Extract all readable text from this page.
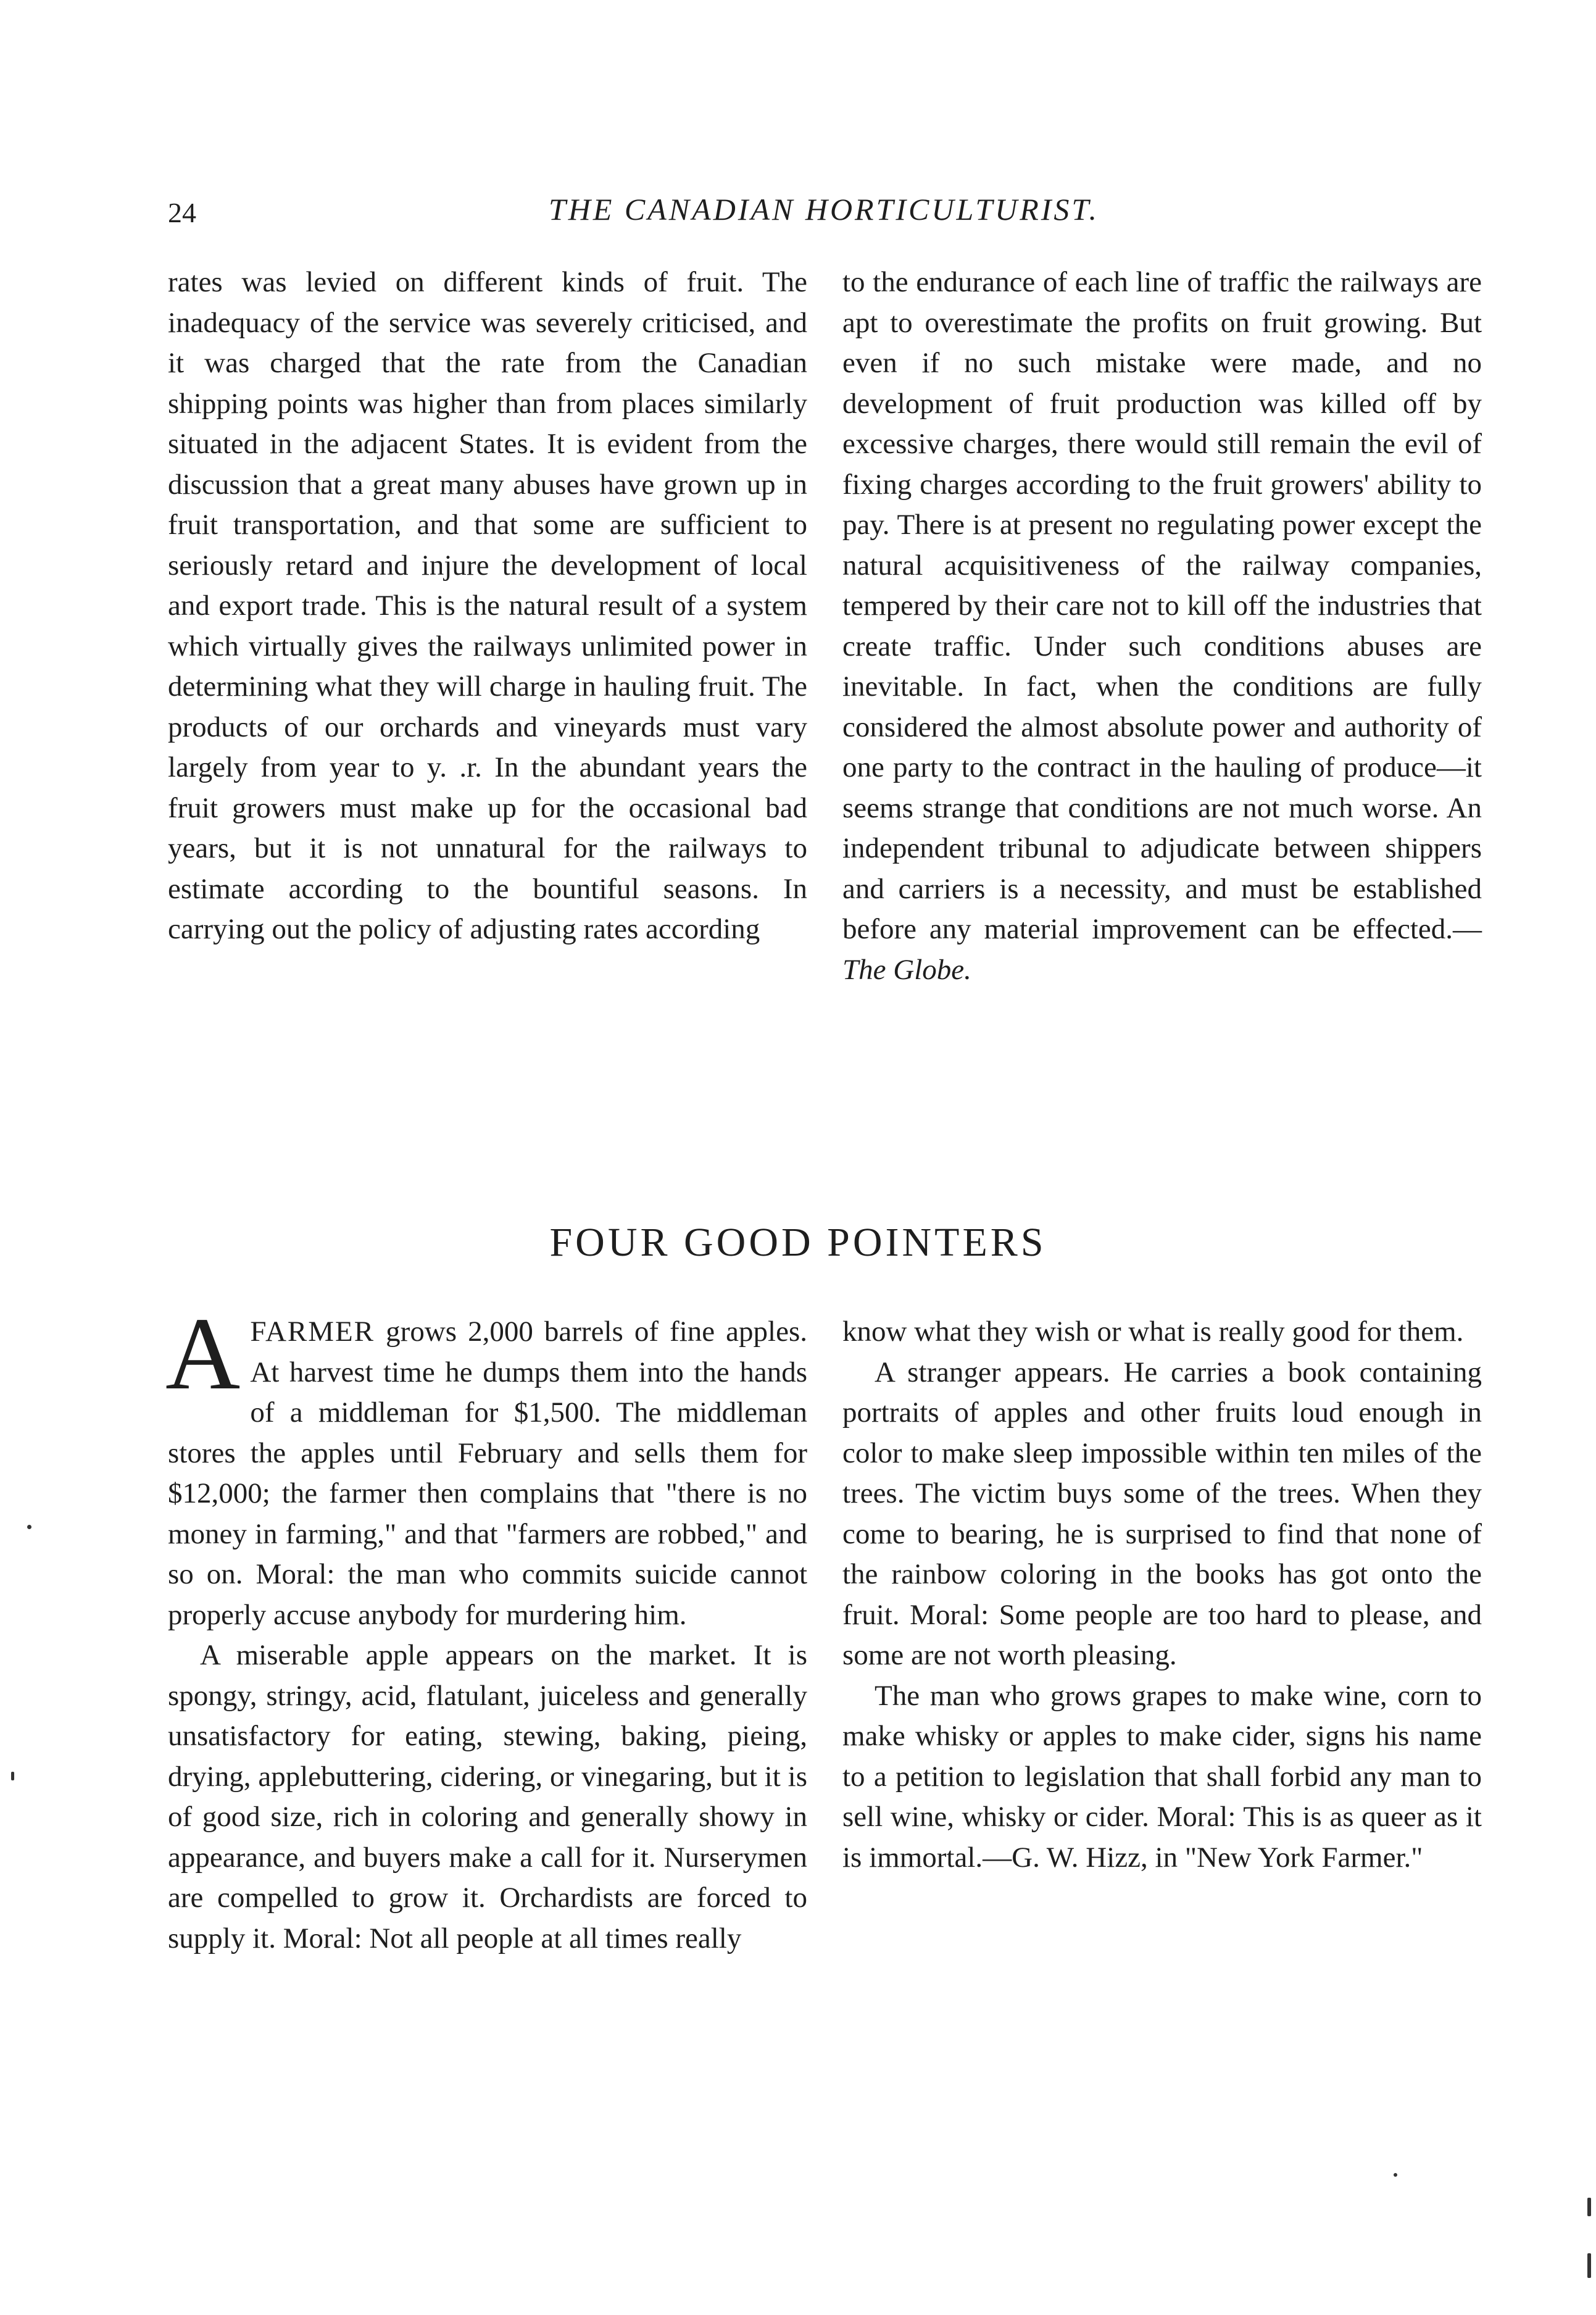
24	THE CANADIAN HORTICULTURIST.

rates was levied on different kinds of fruit. The inadequacy of the service was severely criticised, and it was charged that the rate from the Canadian shipping points was higher than from places similarly situated in the adjacent States. It is evident from the discussion that a great many abuses have grown up in fruit transportation, and that some are sufficient to seriously retard and injure the development of local and export trade. This is the natural result of a system which virtually gives the railways unlimited power in determining what they will charge in hauling fruit. The products of our orchards and vineyards must vary largely from year to y. .r. In the abundant years the fruit growers must make up for the occasional bad years, but it is not unnatural for the railways to estimate according to the bountiful seasons. In carrying out the policy of adjusting rates according

to the endurance of each line of traffic the railways are apt to overestimate the profits on fruit growing. But even if no such mistake were made, and no development of fruit production was killed off by excessive charges, there would still remain the evil of fixing charges according to the fruit growers' ability to pay. There is at present no regulating power except the natural acquisitiveness of the railway companies, tempered by their care not to kill off the industries that create traffic. Under such conditions abuses are inevitable. In fact, when the conditions are fully considered the almost absolute power and authority of one party to the contract in the hauling of produce—it seems strange that conditions are not much worse. An independent tribunal to adjudicate between shippers and carriers is a necessity, and must be established before any material improvement can be effected.—The Globe.

FOUR GOOD POINTERS

AFARMER grows 2,000 barrels of fine apples. At harvest time he dumps them into the hands of a middleman for $1,500. The middleman stores the apples until February and sells them for $12,000; the farmer then complains that "there is no money in farming," and that "farmers are robbed," and so on. Moral: the man who commits suicide cannot properly accuse anybody for murdering him.

A miserable apple appears on the market. It is spongy, stringy, acid, flatulant, juiceless and generally unsatisfactory for eating, stewing, baking, pieing, drying, applebuttering, cidering, or vinegaring, but it is of good size, rich in coloring and generally showy in appearance, and buyers make a call for it. Nurserymen are compelled to grow it. Orchardists are forced to supply it. Moral: Not all people at all times really

know what they wish or what is really good for them.

A stranger appears. He carries a book containing portraits of apples and other fruits loud enough in color to make sleep impossible within ten miles of the trees. The victim buys some of the trees. When they come to bearing, he is surprised to find that none of the rainbow coloring in the books has got onto the fruit. Moral: Some people are too hard to please, and some are not worth pleasing.

The man who grows grapes to make wine, corn to make whisky or apples to make cider, signs his name to a petition to legislation that shall forbid any man to sell wine, whisky or cider. Moral: This is as queer as it is immortal.—G. W. Hizz, in "New York Farmer."
